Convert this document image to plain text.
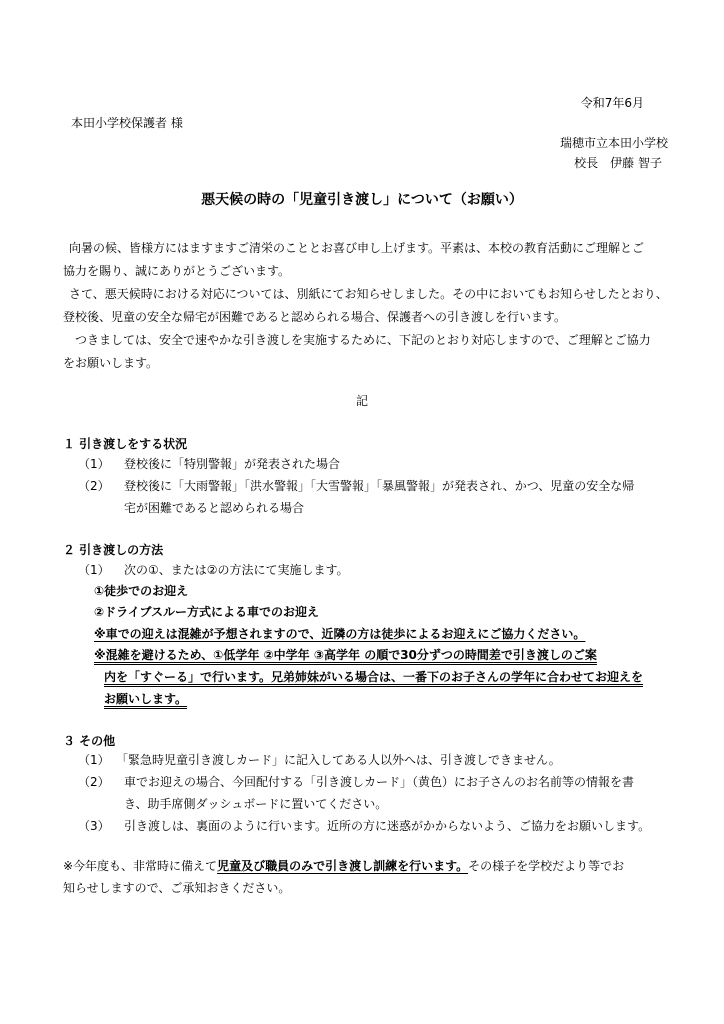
令和7年6月
本田小学校保護者 様
瑞穂市立本田小学校
校長　伊藤 智子
悪天候の時の「児童引き渡し」について（お願い）
向暑の候、皆様方にはますますご清栄のこととお喜び申し上げます。平素は、本校の教育活動にご理解とご
協力を賜り、誠にありがとうございます。
さて、悪天候時における対応については、別紙にてお知らせしました。その中においてもお知らせしたとおり、
登校後、児童の安全な帰宅が困難であると認められる場合、保護者への引き渡しを行います。
つきましては、安全で速やかな引き渡しを実施するために、下記のとおり対応しますので、ご理解とご協力
をお願いします。
記
１ 引き渡しをする状況
（1） 登校後に「特別警報」が発表された場合
（2） 登校後に「大雨警報」「洪水警報」「大雪警報」「暴風警報」が発表され、かつ、児童の安全な帰
宅が困難であると認められる場合
２ 引き渡しの方法
（1） 次の①、または②の方法にて実施します。
①徒歩でのお迎え
②ドライブスルー方式による車でのお迎え
※車での迎えは混雑が予想されますので、近隣の方は徒歩によるお迎えにご協力ください。
※混雑を避けるため、①低学年 ②中学年 ③高学年 の順で30分ずつの時間差で引き渡しのご案
内を「すぐーる」で行います。兄弟姉妹がいる場合は、一番下のお子さんの学年に合わせてお迎えを
お願いします。
３ その他
（1） 「緊急時児童引き渡しカード」に記入してある人以外へは、引き渡しできません。
（2） 車でお迎えの場合、今回配付する「引き渡しカード」（黄色）にお子さんのお名前等の情報を書
き、助手席側ダッシュボードに置いてください。
（3） 引き渡しは、裏面のように行います。近所の方に迷惑がかからないよう、ご協力をお願いします。
※今年度も、非常時に備えて児童及び職員のみで引き渡し訓練を行います。その様子を学校だより等でお
知らせしますので、ご承知おきください。
